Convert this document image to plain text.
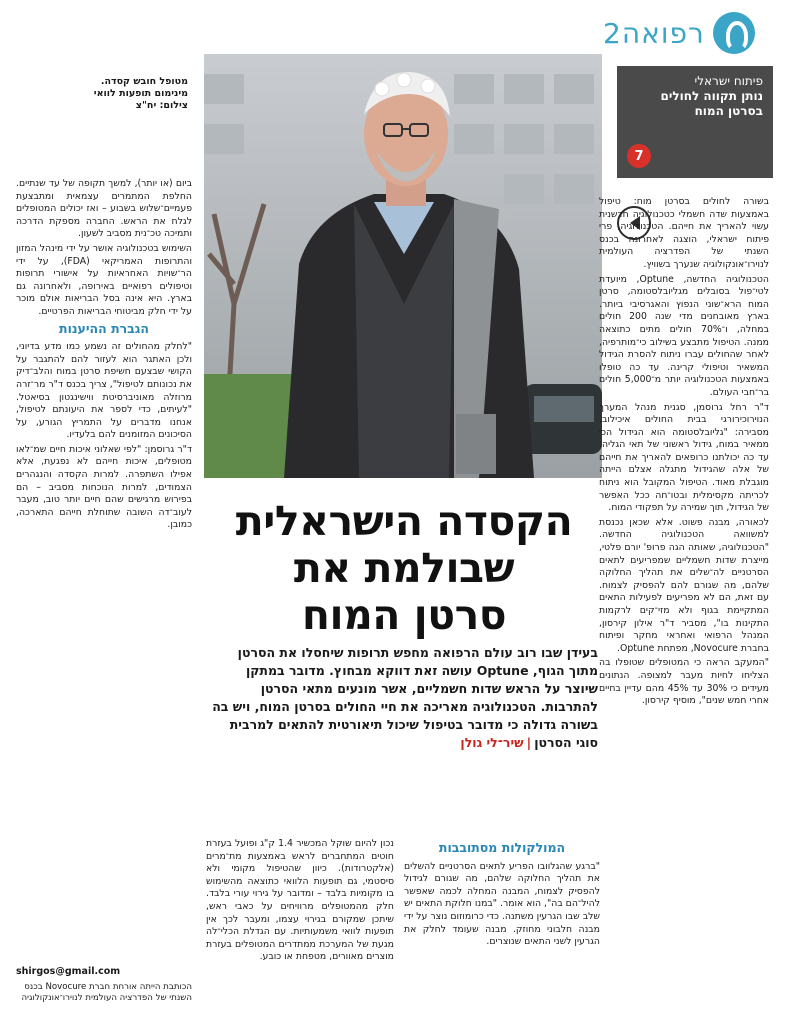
רפואה2
פיתוח ישראלי
נותן תקווה לחולים
בסרטן המוח
7
מטופל חובש קסדה.
מינימום תופעות לוואי
צילום: יח"צ
הקסדה הישראלית
שבולמת את
סרטן המוח
בעידן שבו רוב עולם הרפואה מחפש תרופות שיחסלו את הסרטן מתוך הגוף, Optune עושה זאת דווקא מבחוץ. מדובר במתקן שיוצר על הראש שדות חשמליים, אשר מונעים מתאי הסרטן להתרבות. הטכנולוגיה מאריכה את חיי החולים בסרטן המוח, ויש בה בשורה גדולה כי מדובר בטיפול שיכול תיאורטית להתאים למרבית סוגי הסרטן|שיר־לי גולן

בשורה לחולים בסרטן מוח: טיפול באמצעות שדה חשמלי כטכנולוגיה חדשנית עשוי להאריך את חייהם. הטכנולוגיה, פרי פיתוח ישראלי, הוצגה לאחרונה בכנס השנתי של הפדרציה העולמית לנוירו־אונקולוגיה שנערך בשוויץ.

הטכנולוגיה החדשה, Optune, מיועדת לטי־פול בסובלים מגליובלסטומה, סרטן המוח הרא־שוני הנפוץ והאגרסיבי ביותר. בארץ מאובחנים מדי שנה 200 חולים במחלה, ו־70% חולים מתים כתוצאה ממנה. הטיפול מתבצע בשילוב כי־מותרפיה, לאחר שהחולים עברו ניתוח להסרת הגידול המשאיר וטיפולי קרינה. עד כה טופלו באמצעות הטכנולוגיה יותר מ־5,000 חולים בר־חבי העולם.

ד"ר רחל גרוסמן, סגנית מנהל המערך הנוירוכירורגי בבית החולים איכילוב, מסבירה: "גליובלסטומה הוא הגידול הכי ממאיר במוח, גידול ראשוני של תאי הגליה. עד כה יכולתנו כרופאים להאריך את חייהם של אלה שהגידול מתגלה אצלם הייתה מוגבלת מאוד. הטיפול המקובל הוא ניתוח לכריתה מקסימלית ובטו־חה ככל האפשר של הגידול, תוך שמירה על תפקודי המוח.

לכאורה, מבנה פשוט. אלא שכאן נכנסת למשוואה הטכנולוגיה החדשה. "הטכנולוגיה, שאותה הגה פרופ' יורם פלטי, מייצרת שדות חשמליים שמפריעים לתאים הסרטניים לה־שלים את תהליך החלוקה שלהם, מה שגורם להם להפסיק לצמוח. עם זאת, הם לא מפריעים לפעילות התאים המתקיימת בגוף ולא מזי־קים לרקמות התקינות בו", מסביר ד"ר אילון קירסון, המנהל הרפואי ואחראי מחקר ופיתוח בחברת Novocure, מפתחת Optune.

"המעקב הראה כי המטופלים שטופלו בה הצליחו לחיות מעבר למצופה. הנתונים מעידים כי 30% עד 45% מהם עדיין בחיים אחרי חמש שנים", מוסיף קירסון.

ביום (או יותר), למשך תקופה של עד שנתיים. החלפת המתמרים עצמאית ומתבצעת פעמיים־שלוש בשבוע – ואז יכולים המטופלים לגלח את הראש. החברה מספקת הדרכה ותמיכה טכ־נית מסביב לשעון.

השימוש בטכנולוגיה אושר על ידי מינהל המזון והתרופות האמריקאי (FDA), על ידי הר־שויות האחראיות על אישורי תרופות וטיפולים רפואיים באירופה, ולאחרונה גם בארץ. היא אינה בסל הבריאות אולם מוכר על ידי חלק מביטוחי הבריאות הפרטיים.

הגברת ההיענות

"לחלק מהחולים זה נשמע כמו מדע בדיוני, ולכן האתגר הוא לעזור להם להתגבר על הקושי שבצעם חשיפת סרטן במוח והלב־דיק את נכונותם לטיפול", צריך בכנס ד"ר מר־זרה מרוזלה מאוניברסיטת ווישינגטון בסיאטל. "לעיתים, כדי לספר את היעונתם לטיפול, אנחנו מדברים על התמריץ הגורע, על הסיכונים המזומנים להם בלעדיו.

ד"ר גרוסמן: "לפי שאלוני איכות חיים שמ־לאו מטופלים, איכות חייהם לא נפגעת, אלא אפילו השתפרה. למרות הקסדה והנגהרים הצמודים, למרות הנוכחות מסביב – הם בפירוש מרגישים שהם חיים יותר טוב, מעבר לעוב־דה השובה שתוחלת חייהם התארכה, כמובן.

המולקולות מסתובבות

"ברגע שהגלוובו הפריע לתאים הסרטניים להשלים את תהליך החלוקה שלהם, מה שגורם לגידול להפסיק לצמוח, המבנה המחלה לכמה שאפשר להיל־הם בה", הוא אומר. "במנו חלוקת התאים יש שלב שבו הגרעין משתנה. כדי כרומוזום נוצר על ידי מבנה חלבוני מחוזק. מבנה שעומד לחלק את הגרעין לשני התאים שנוצרים.

נכון להיום שוקל המכשיר 1.4 ק"ג ופועל בעזרת חוטים המתחברים לראש באמצעות מת־מרים (אלקטרודות). כיוון שהטיפול מקומי ולא סיסטמי, גם תופעות הלוואי כתוצאה מהשימוש בו מקומיות בלבד – ומדובר על גירוי עורי בלבד. חלק מהמטופלים מרוויחים על כאבי ראש, שיתכן שמקורם בגירוי עצמו, ומעבר לכך אין תופעות לוואי משמעותיות. עם הגדלת הכלי־לה מגעת של המערכת ממתדרים המטופלים בעזרת מוצרים מאוורים, מטפחת או כובע.

shirgos@gmail.com
הכותבת הייתה אורחת חברת Novocure בכנס השנתי של הפדרציה העולמית לנוירו־אונקולוגיה
